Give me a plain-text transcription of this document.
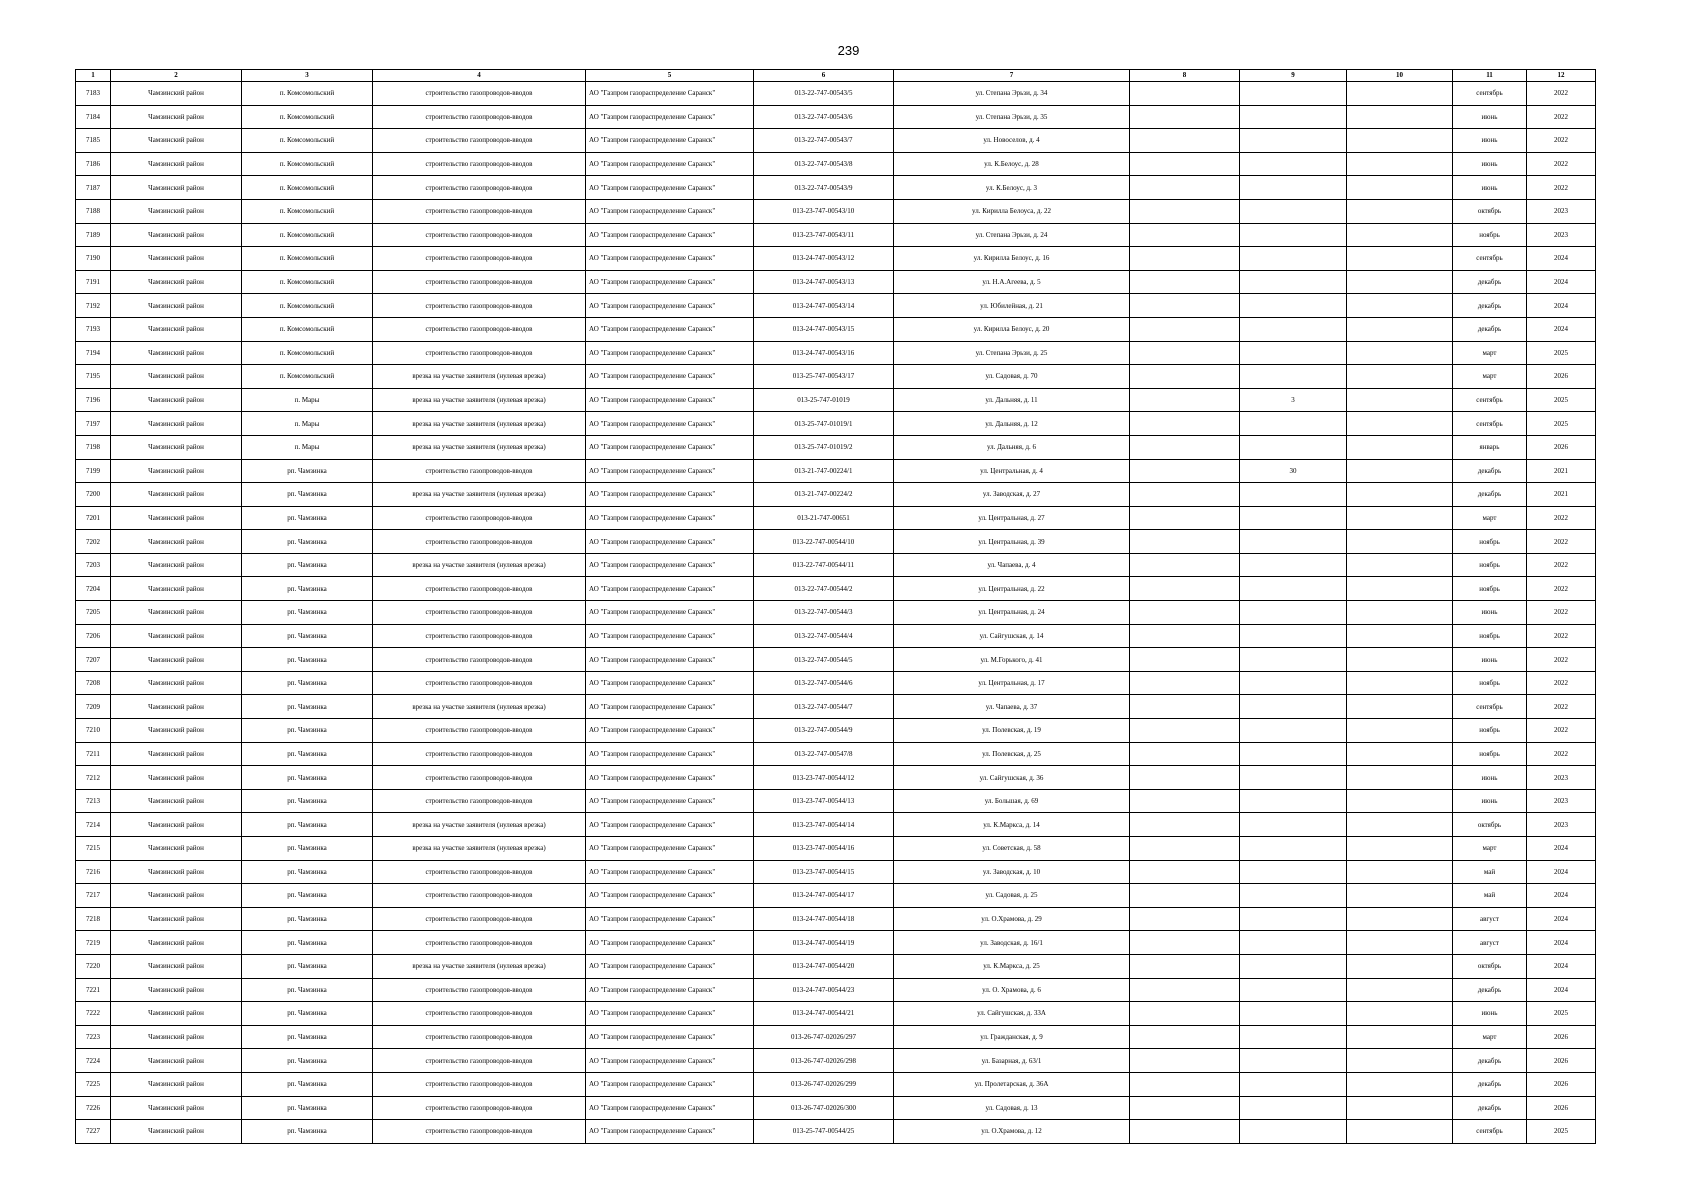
239
1	2	3	4	5	6	7	8	9	10	11	12
7183	Чамзинский район	п. Комсомольский	строительство газопроводов-вводов	АО "Газпром газораспределение Саранск"	013-22-747-00543/5	ул. Степана Эрьзи, д. 34				сентябрь	2022
7184	Чамзинский район	п. Комсомольский	строительство газопроводов-вводов	АО "Газпром газораспределение Саранск"	013-22-747-00543/6	ул. Степана Эрьзи, д. 35				июнь	2022
7185	Чамзинский район	п. Комсомольский	строительство газопроводов-вводов	АО "Газпром газораспределение Саранск"	013-22-747-00543/7	ул. Новоселов, д. 4				июнь	2022
7186	Чамзинский район	п. Комсомольский	строительство газопроводов-вводов	АО "Газпром газораспределение Саранск"	013-22-747-00543/8	ул. К.Белоус, д. 28				июнь	2022
7187	Чамзинский район	п. Комсомольский	строительство газопроводов-вводов	АО "Газпром газораспределение Саранск"	013-22-747-00543/9	ул. К.Белоус, д. 3				июнь	2022
7188	Чамзинский район	п. Комсомольский	строительство газопроводов-вводов	АО "Газпром газораспределение Саранск"	013-23-747-00543/10	ул. Кирилла Белоуса, д. 22				октябрь	2023
7189	Чамзинский район	п. Комсомольский	строительство газопроводов-вводов	АО "Газпром газораспределение Саранск"	013-23-747-00543/11	ул. Степана Эрьзи, д. 24				ноябрь	2023
7190	Чамзинский район	п. Комсомольский	строительство газопроводов-вводов	АО "Газпром газораспределение Саранск"	013-24-747-00543/12	ул. Кирилла Белоус, д. 16				сентябрь	2024
7191	Чамзинский район	п. Комсомольский	строительство газопроводов-вводов	АО "Газпром газораспределение Саранск"	013-24-747-00543/13	ул. Н.А.Агеева, д. 5				декабрь	2024
7192	Чамзинский район	п. Комсомольский	строительство газопроводов-вводов	АО "Газпром газораспределение Саранск"	013-24-747-00543/14	ул. Юбилейная, д. 21				декабрь	2024
7193	Чамзинский район	п. Комсомольский	строительство газопроводов-вводов	АО "Газпром газораспределение Саранск"	013-24-747-00543/15	ул. Кирилла Белоус, д. 20				декабрь	2024
7194	Чамзинский район	п. Комсомольский	строительство газопроводов-вводов	АО "Газпром газораспределение Саранск"	013-24-747-00543/16	ул. Степана Эрьзи, д. 25				март	2025
7195	Чамзинский район	п. Комсомольский	врезка на участке заявителя (нулевая врезка)	АО "Газпром газораспределение Саранск"	013-25-747-00543/17	ул. Садовая, д. 70				март	2026
7196	Чамзинский район	п. Мары	врезка на участке заявителя (нулевая врезка)	АО "Газпром газораспределение Саранск"	013-25-747-01019	ул. Дальняя, д. 11		3		сентябрь	2025
7197	Чамзинский район	п. Мары	врезка на участке заявителя (нулевая врезка)	АО "Газпром газораспределение Саранск"	013-25-747-01019/1	ул. Дальняя, д. 12				сентябрь	2025
7198	Чамзинский район	п. Мары	врезка на участке заявителя (нулевая врезка)	АО "Газпром газораспределение Саранск"	013-25-747-01019/2	ул. Дальняя, д. 6				январь	2026
7199	Чамзинский район	рп. Чамзинка	строительство газопроводов-вводов	АО "Газпром газораспределение Саранск"	013-21-747-00224/1	ул. Центральная, д. 4		30		декабрь	2021
7200	Чамзинский район	рп. Чамзинка	врезка на участке заявителя (нулевая врезка)	АО "Газпром газораспределение Саранск"	013-21-747-00224/2	ул. Заводская, д. 27				декабрь	2021
7201	Чамзинский район	рп. Чамзинка	строительство газопроводов-вводов	АО "Газпром газораспределение Саранск"	013-21-747-00651	ул. Центральная, д. 27				март	2022
7202	Чамзинский район	рп. Чамзинка	строительство газопроводов-вводов	АО "Газпром газораспределение Саранск"	013-22-747-00544/10	ул. Центральная, д. 39				ноябрь	2022
7203	Чамзинский район	рп. Чамзинка	врезка на участке заявителя (нулевая врезка)	АО "Газпром газораспределение Саранск"	013-22-747-00544/11	ул. Чапаева, д. 4				ноябрь	2022
7204	Чамзинский район	рп. Чамзинка	строительство газопроводов-вводов	АО "Газпром газораспределение Саранск"	013-22-747-00544/2	ул. Центральная, д. 22				ноябрь	2022
7205	Чамзинский район	рп. Чамзинка	строительство газопроводов-вводов	АО "Газпром газораспределение Саранск"	013-22-747-00544/3	ул. Центральная, д. 24				июнь	2022
7206	Чамзинский район	рп. Чамзинка	строительство газопроводов-вводов	АО "Газпром газораспределение Саранск"	013-22-747-00544/4	ул. Сайгушская, д. 14				ноябрь	2022
7207	Чамзинский район	рп. Чамзинка	строительство газопроводов-вводов	АО "Газпром газораспределение Саранск"	013-22-747-00544/5	ул. М.Горького, д. 41				июнь	2022
7208	Чамзинский район	рп. Чамзинка	строительство газопроводов-вводов	АО "Газпром газораспределение Саранск"	013-22-747-00544/6	ул. Центральная, д. 17				ноябрь	2022
7209	Чамзинский район	рп. Чамзинка	врезка на участке заявителя (нулевая врезка)	АО "Газпром газораспределение Саранск"	013-22-747-00544/7	ул. Чапаева, д. 37				сентябрь	2022
7210	Чамзинский район	рп. Чамзинка	строительство газопроводов-вводов	АО "Газпром газораспределение Саранск"	013-22-747-00544/9	ул. Полевская, д. 19				ноябрь	2022
7211	Чамзинский район	рп. Чамзинка	строительство газопроводов-вводов	АО "Газпром газораспределение Саранск"	013-22-747-00547/8	ул. Полевская, д. 25				ноябрь	2022
7212	Чамзинский район	рп. Чамзинка	строительство газопроводов-вводов	АО "Газпром газораспределение Саранск"	013-23-747-00544/12	ул. Сайгушская, д. 36				июнь	2023
7213	Чамзинский район	рп. Чамзинка	строительство газопроводов-вводов	АО "Газпром газораспределение Саранск"	013-23-747-00544/13	ул. Большая, д. 69				июнь	2023
7214	Чамзинский район	рп. Чамзинка	врезка на участке заявителя (нулевая врезка)	АО "Газпром газораспределение Саранск"	013-23-747-00544/14	ул. К.Маркса, д. 14				октябрь	2023
7215	Чамзинский район	рп. Чамзинка	врезка на участке заявителя (нулевая врезка)	АО "Газпром газораспределение Саранск"	013-23-747-00544/16	ул. Советская, д. 58				март	2024
7216	Чамзинский район	рп. Чамзинка	строительство газопроводов-вводов	АО "Газпром газораспределение Саранск"	013-23-747-00544/15	ул. Заводская, д. 10				май	2024
7217	Чамзинский район	рп. Чамзинка	строительство газопроводов-вводов	АО "Газпром газораспределение Саранск"	013-24-747-00544/17	ул. Садовая, д. 25				май	2024
7218	Чамзинский район	рп. Чамзинка	строительство газопроводов-вводов	АО "Газпром газораспределение Саранск"	013-24-747-00544/18	ул. О.Храмова, д. 29				август	2024
7219	Чамзинский район	рп. Чамзинка	строительство газопроводов-вводов	АО "Газпром газораспределение Саранск"	013-24-747-00544/19	ул. Заводская, д. 16/1				август	2024
7220	Чамзинский район	рп. Чамзинка	врезка на участке заявителя (нулевая врезка)	АО "Газпром газораспределение Саранск"	013-24-747-00544/20	ул. К.Маркса, д. 25				октябрь	2024
7221	Чамзинский район	рп. Чамзинка	строительство газопроводов-вводов	АО "Газпром газораспределение Саранск"	013-24-747-00544/23	ул. О. Храмова, д. 6				декабрь	2024
7222	Чамзинский район	рп. Чамзинка	строительство газопроводов-вводов	АО "Газпром газораспределение Саранск"	013-24-747-00544/21	ул. Сайгушская, д. 33А				июнь	2025
7223	Чамзинский район	рп. Чамзинка	строительство газопроводов-вводов	АО "Газпром газораспределение Саранск"	013-26-747-02026/297	ул. Гражданская, д. 9				март	2026
7224	Чамзинский район	рп. Чамзинка	строительство газопроводов-вводов	АО "Газпром газораспределение Саранск"	013-26-747-02026/298	ул. Базарная, д. 63/1				декабрь	2026
7225	Чамзинский район	рп. Чамзинка	строительство газопроводов-вводов	АО "Газпром газораспределение Саранск"	013-26-747-02026/299	ул. Пролетарская, д. 36А				декабрь	2026
7226	Чамзинский район	рп. Чамзинка	строительство газопроводов-вводов	АО "Газпром газораспределение Саранск"	013-26-747-02026/300	ул. Садовая, д. 13				декабрь	2026
7227	Чамзинский район	рп. Чамзинка	строительство газопроводов-вводов	АО "Газпром газораспределение Саранск"	013-25-747-00544/25	ул. О.Храмова, д. 12				сентябрь	2025
